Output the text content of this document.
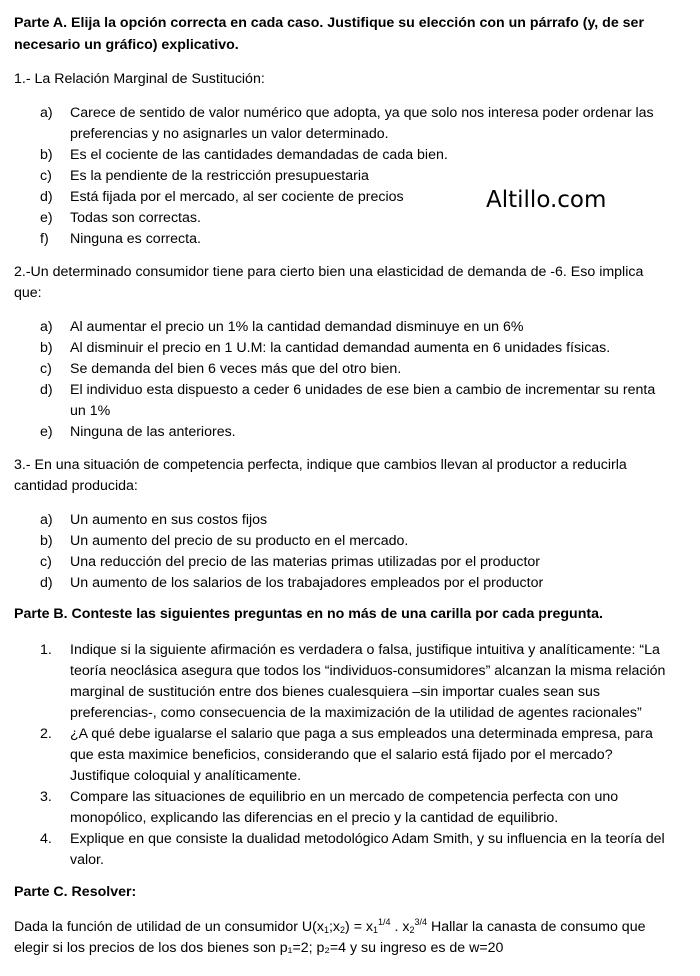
Parte A. Elija la opción correcta en cada caso. Justifique su elección con un párrafo (y, de ser
necesario un gráfico) explicativo.
1.- La Relación Marginal de Sustitución:
a) Carece de sentido de valor numérico que adopta, ya que solo nos interesa poder ordenar las
preferencias y no asignarles un valor determinado.
b) Es el cociente de las cantidades demandadas de cada bien.
c) Es la pendiente de la restricción presupuestaria
d) Está fijada por el mercado, al ser cociente de precios
e) Todas son correctas.
f) Ninguna es correcta.
Altillo.com
2.-Un determinado consumidor tiene para cierto bien una elasticidad de demanda de -6. Eso implica
que:
a) Al aumentar el precio un 1% la cantidad demandad disminuye en un 6%
b) Al disminuir el precio en 1 U.M: la cantidad demandad aumenta en 6 unidades físicas.
c) Se demanda del bien 6 veces más que del otro bien.
d) El individuo esta dispuesto a ceder 6 unidades de ese bien a cambio de incrementar su renta
un 1%
e) Ninguna de las anteriores.
3.- En una situación de competencia perfecta, indique que cambios llevan al productor a reducirla
cantidad producida:
a) Un aumento en sus costos fijos
b) Un aumento del precio de su producto en el mercado.
c) Una reducción del precio de las materias primas utilizadas por el productor
d) Un aumento de los salarios de los trabajadores empleados por el productor
Parte B. Conteste las siguientes preguntas en no más de una carilla por cada pregunta.
1. Indique si la siguiente afirmación es verdadera o falsa, justifique intuitiva y analíticamente: “La
teoría neoclásica asegura que todos los “individuos-consumidores” alcanzan la misma relación
marginal de sustitución entre dos bienes cualesquiera –sin importar cuales sean sus
preferencias-, como consecuencia de la maximización de la utilidad de agentes racionales”
2. ¿A qué debe igualarse el salario que paga a sus empleados una determinada empresa, para
que esta maximice beneficios, considerando que el salario está fijado por el mercado?
Justifique coloquial y analíticamente.
3. Compare las situaciones de equilibrio en un mercado de competencia perfecta con uno
monopólico, explicando las diferencias en el precio y la cantidad de equilibrio.
4. Explique en que consiste la dualidad metodológico Adam Smith, y su influencia en la teoría del
valor.
Parte C. Resolver:
Dada la función de utilidad de un consumidor $U(x_1;x_2) = x_1^{1/4}$ . $x_2^{3/4}$ Hallar la canasta de consumo que
elegir si los precios de los dos bienes son p₁=2; p₂=4 y su ingreso es de w=20
